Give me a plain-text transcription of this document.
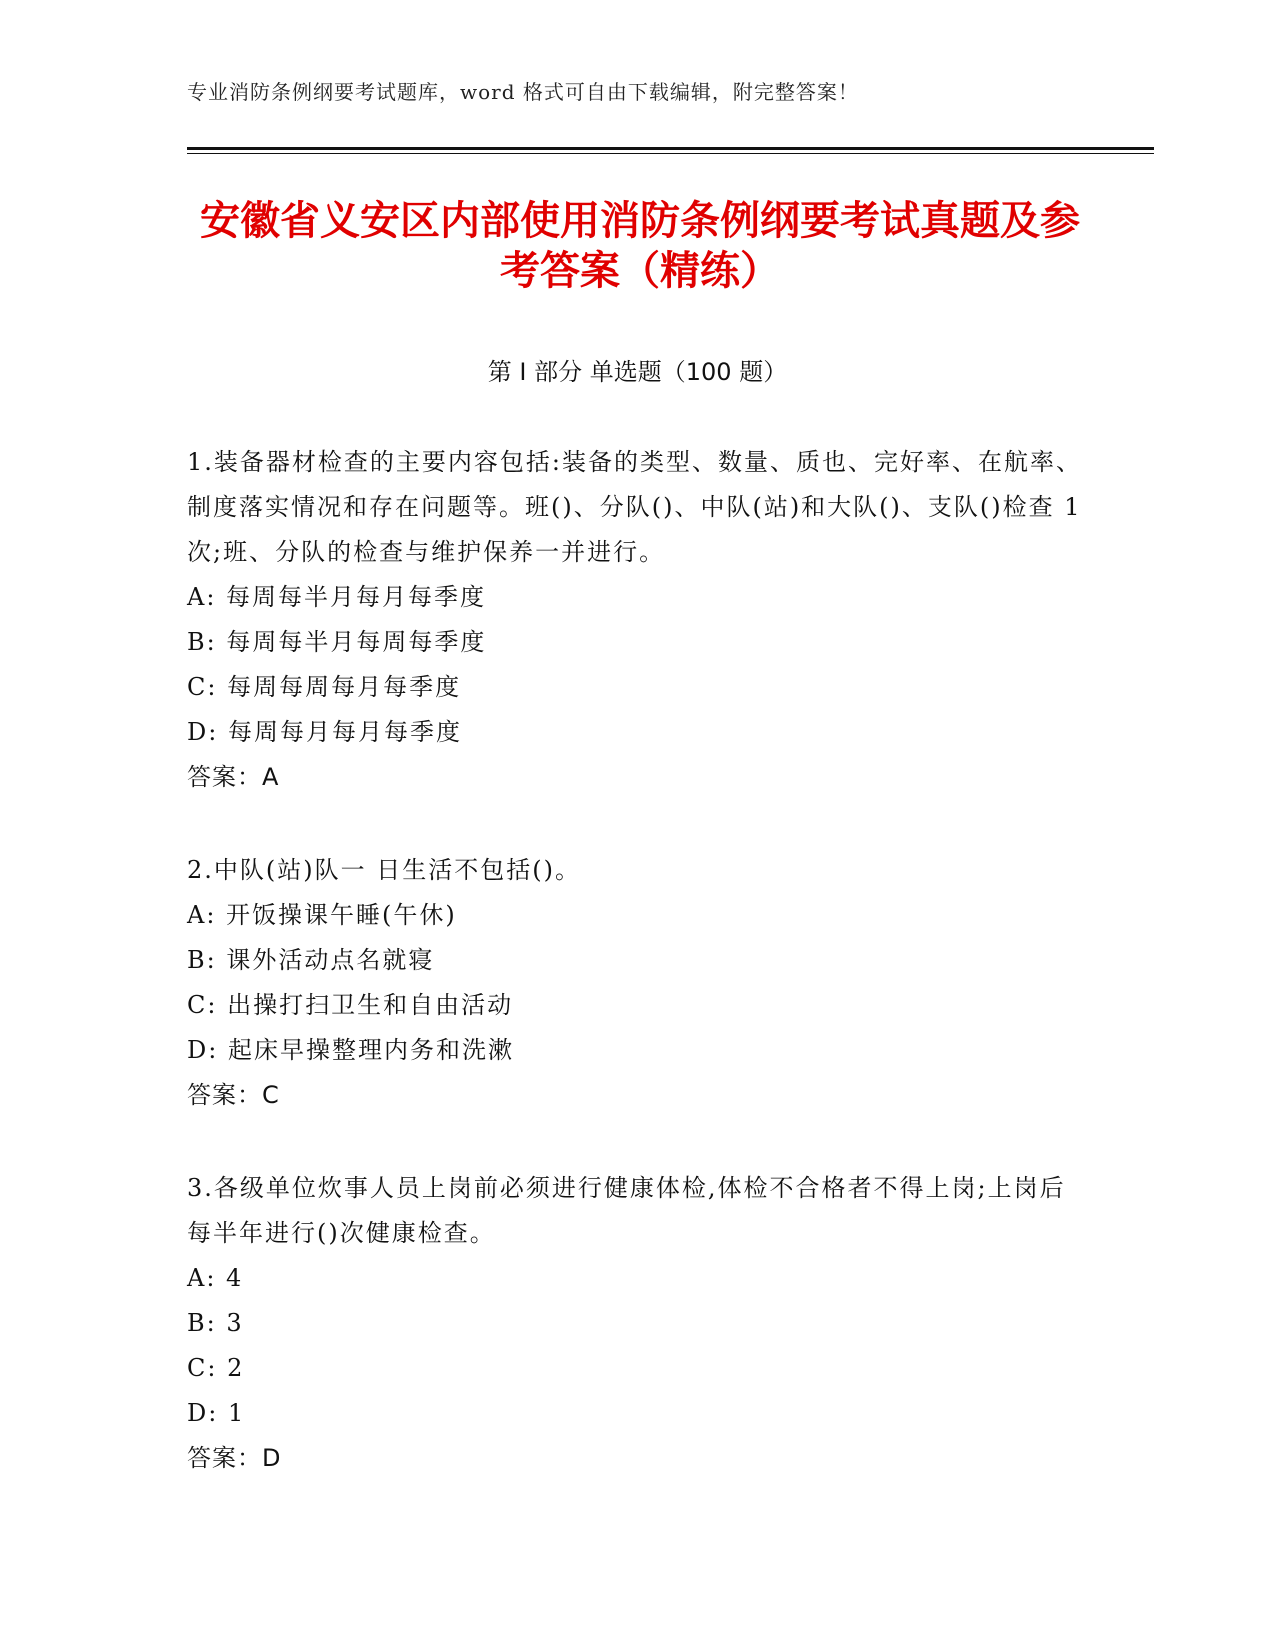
专业消防条例纲要考试题库，word 格式可自由下载编辑，附完整答案！
安徽省义安区内部使用消防条例纲要考试真题及参考答案（精练）
第 I 部分 单选题（100 题）

1.装备器材检查的主要内容包括:装备的类型、数量、质也、完好率、在航率、制度落实情况和存在问题等。班()、分队()、中队(站)和大队()、支队()检查 1 次;班、分队的检查与维护保养一并进行。

A: 每周每半月每月每季度

B: 每周每半月每周每季度

C: 每周每周每月每季度

D: 每周每月每月每季度

答案：A

2.中队(站)队一 日生活不包括()。

A: 开饭操课午睡(午休)

B: 课外活动点名就寝

C: 出操打扫卫生和自由活动

D: 起床早操整理内务和洗漱

答案：C

3.各级单位炊事人员上岗前必须进行健康体检,体检不合格者不得上岗;上岗后每半年进行()次健康检查。

A: 4

B: 3

C: 2

D: 1

答案：D
